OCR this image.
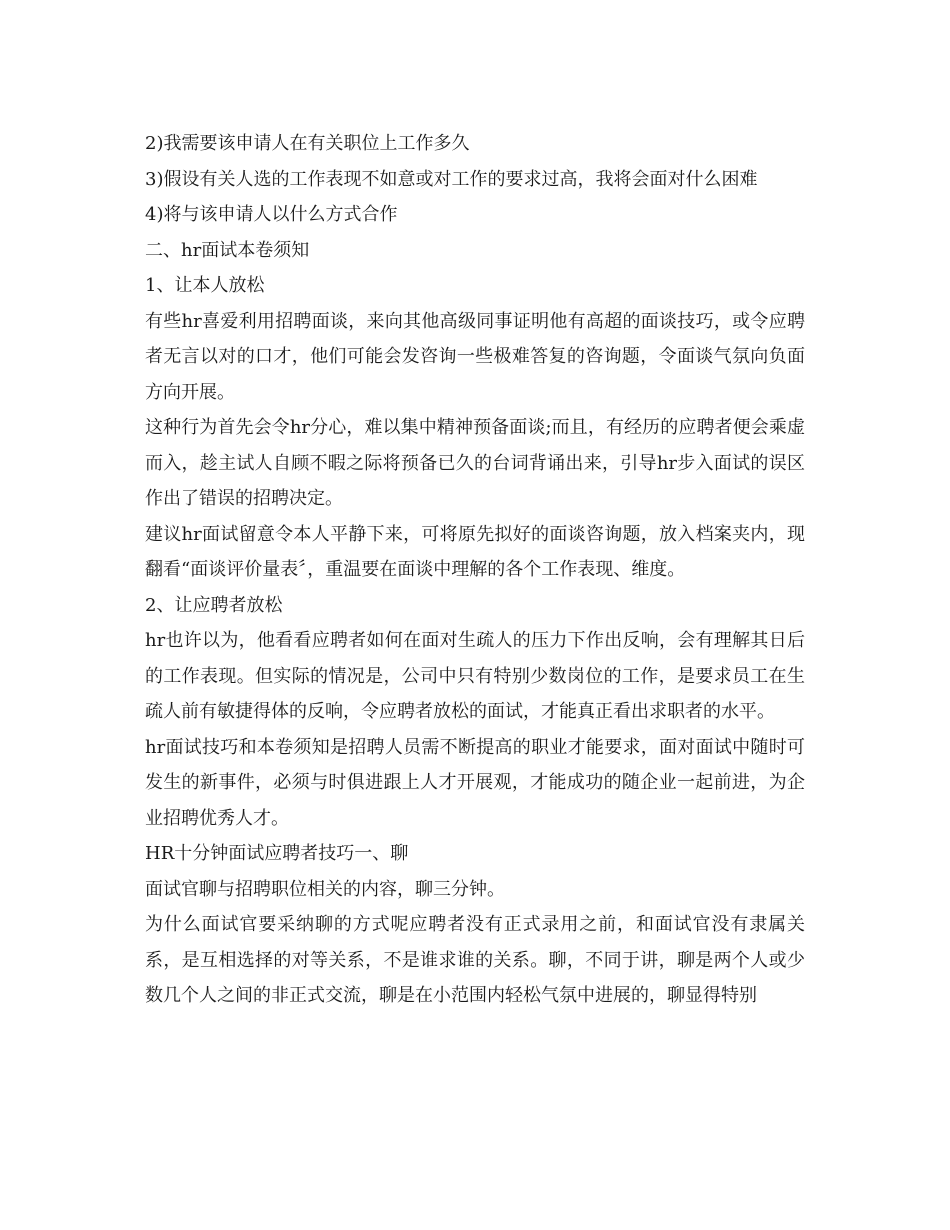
2)我需要该申请人在有关职位上工作多久

3)假设有关人选的工作表现不如意或对工作的要求过高，我将会面对什么困难

4)将与该申请人以什么方式合作

二、hr面试本卷须知

1、让本人放松

有些hr喜爱利用招聘面谈，来向其他高级同事证明他有高超的面谈技巧，或令应聘者无言以对的口才，他们可能会发咨询一些极难答复的咨询题，令面谈气氛向负面方向开展。

这种行为首先会令hr分心，难以集中精神预备面谈;而且，有经历的应聘者便会乘虚而入，趁主试人自顾不暇之际将预备已久的台词背诵出来，引导hr步入面试的误区作出了错误的招聘决定。

建议hr面试留意令本人平静下来，可将原先拟好的面谈咨询题，放入档案夹内，现翻看“面谈评价量表〞，重温要在面谈中理解的各个工作表现、维度。

2、让应聘者放松

hr也许以为，他看看应聘者如何在面对生疏人的压力下作出反响，会有理解其日后的工作表现。但实际的情况是，公司中只有特别少数岗位的工作，是要求员工在生疏人前有敏捷得体的反响，令应聘者放松的面试，才能真正看出求职者的水平。

hr面试技巧和本卷须知是招聘人员需不断提高的职业才能要求，面对面试中随时可发生的新事件，必须与时俱进跟上人才开展观，才能成功的随企业一起前进，为企业招聘优秀人才。

HR十分钟面试应聘者技巧一、聊

面试官聊与招聘职位相关的内容，聊三分钟。

为什么面试官要采纳聊的方式呢应聘者没有正式录用之前，和面试官没有隶属关系，是互相选择的对等关系，不是谁求谁的关系。聊，不同于讲，聊是两个人或少数几个人之间的非正式交流，聊是在小范围内轻松气氛中进展的，聊显得特别
